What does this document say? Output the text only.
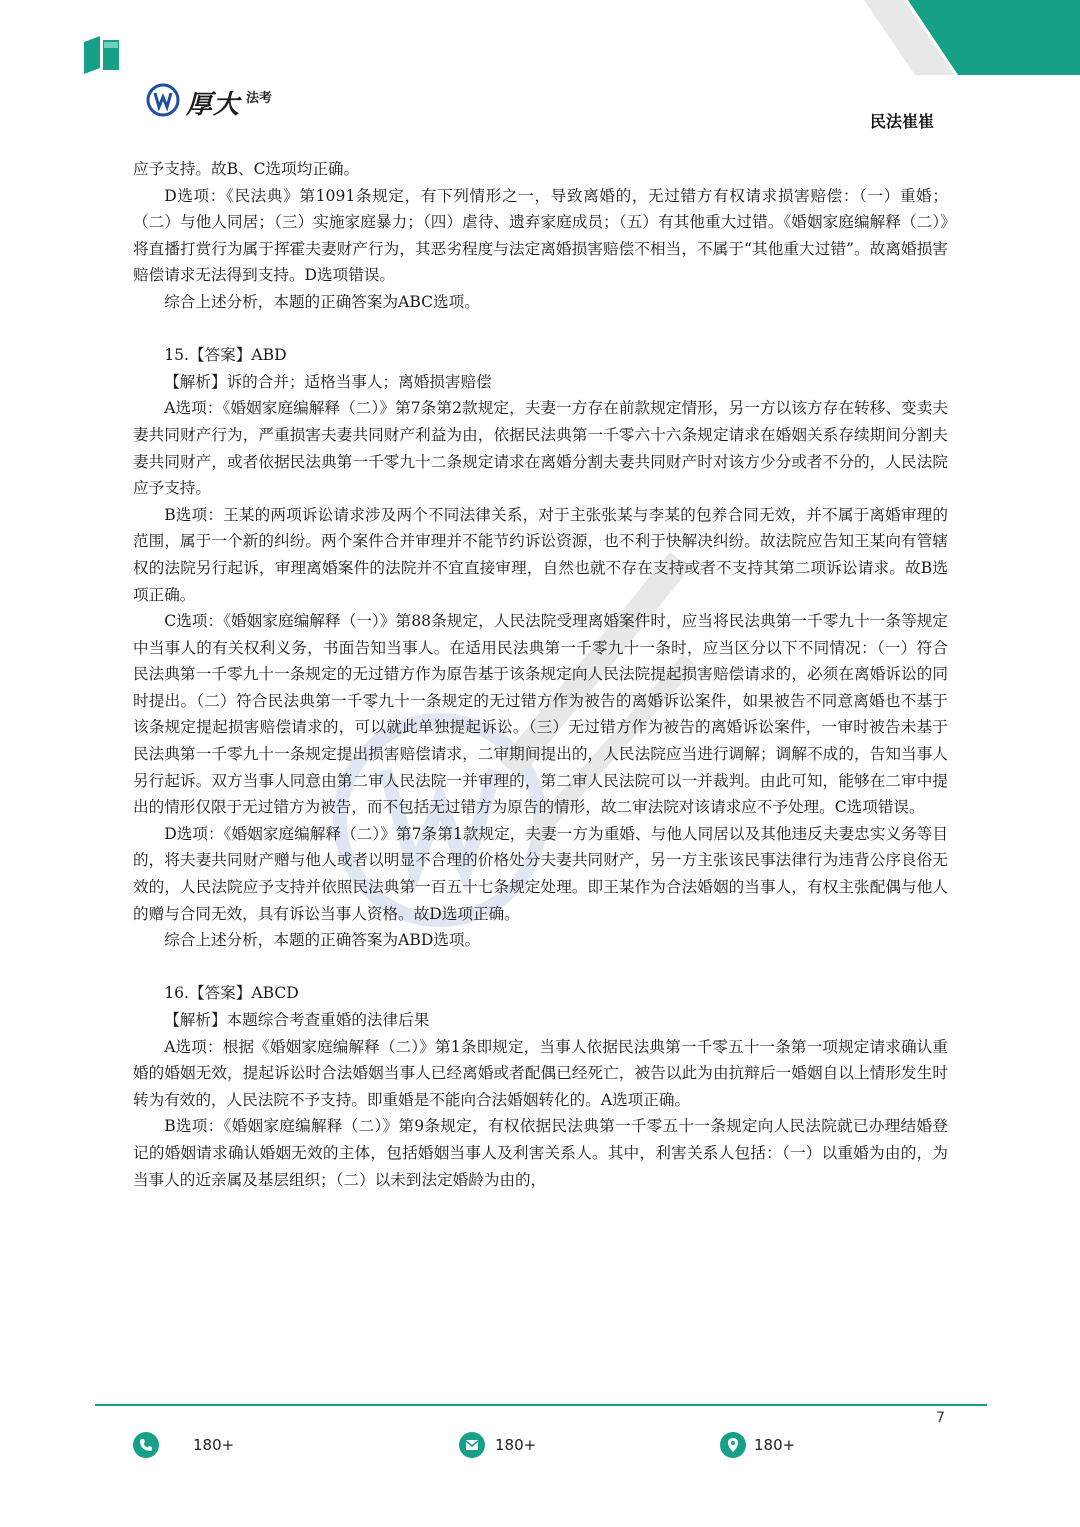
厚大 法考
民法崔崔

应予支持。故B、C选项均正确。

D选项：《民法典》第1091条规定，有下列情形之一，导致离婚的，无过错方有权请求损害赔偿：（一）重婚；（二）与他人同居；（三）实施家庭暴力；（四）虐待、遗弃家庭成员；（五）有其他重大过错。《婚姻家庭编解释（二）》将直播打赏行为属于挥霍夫妻财产行为，其恶劣程度与法定离婚损害赔偿不相当，不属于“其他重大过错”。故离婚损害赔偿请求无法得到支持。D选项错误。

综合上述分析，本题的正确答案为ABC选项。

15.【答案】ABD

【解析】诉的合并；适格当事人；离婚损害赔偿

A选项：《婚姻家庭编解释（二）》第7条第2款规定，夫妻一方存在前款规定情形，另一方以该方存在转移、变卖夫妻共同财产行为，严重损害夫妻共同财产利益为由，依据民法典第一千零六十六条规定请求在婚姻关系存续期间分割夫妻共同财产，或者依据民法典第一千零九十二条规定请求在离婚分割夫妻共同财产时对该方少分或者不分的，人民法院应予支持。

B选项：王某的两项诉讼请求涉及两个不同法律关系，对于主张张某与李某的包养合同无效，并不属于离婚审理的范围，属于一个新的纠纷。两个案件合并审理并不能节约诉讼资源，也不利于快解决纠纷。故法院应告知王某向有管辖权的法院另行起诉，审理离婚案件的法院并不宜直接审理，自然也就不存在支持或者不支持其第二项诉讼请求。故B选项正确。

C选项：《婚姻家庭编解释（一）》第88条规定，人民法院受理离婚案件时，应当将民法典第一千零九十一条等规定中当事人的有关权利义务，书面告知当事人。在适用民法典第一千零九十一条时，应当区分以下不同情况：（一）符合民法典第一千零九十一条规定的无过错方作为原告基于该条规定向人民法院提起损害赔偿请求的，必须在离婚诉讼的同时提出。（二）符合民法典第一千零九十一条规定的无过错方作为被告的离婚诉讼案件，如果被告不同意离婚也不基于该条规定提起损害赔偿请求的，可以就此单独提起诉讼。（三）无过错方作为被告的离婚诉讼案件，一审时被告未基于民法典第一千零九十一条规定提出损害赔偿请求，二审期间提出的，人民法院应当进行调解；调解不成的，告知当事人另行起诉。双方当事人同意由第二审人民法院一并审理的，第二审人民法院可以一并裁判。由此可知，能够在二审中提出的情形仅限于无过错方为被告，而不包括无过错方为原告的情形，故二审法院对该请求应不予处理。C选项错误。

D选项：《婚姻家庭编解释（二）》第7条第1款规定，夫妻一方为重婚、与他人同居以及其他违反夫妻忠实义务等目的，将夫妻共同财产赠与他人或者以明显不合理的价格处分夫妻共同财产，另一方主张该民事法律行为违背公序良俗无效的，人民法院应予支持并依照民法典第一百五十七条规定处理。即王某作为合法婚姻的当事人，有权主张配偶与他人的赠与合同无效，具有诉讼当事人资格。故D选项正确。

综合上述分析，本题的正确答案为ABD选项。

16.【答案】ABCD

【解析】本题综合考查重婚的法律后果

A选项：根据《婚姻家庭编解释（二）》第1条即规定，当事人依据民法典第一千零五十一条第一项规定请求确认重婚的婚姻无效，提起诉讼时合法婚姻当事人已经离婚或者配偶已经死亡，被告以此为由抗辩后一婚姻自以上情形发生时转为有效的，人民法院不予支持。即重婚是不能向合法婚姻转化的。A选项正确。

B选项：《婚姻家庭编解释（二）》第9条规定，有权依据民法典第一千零五十一条规定向人民法院就已办理结婚登记的婚姻请求确认婚姻无效的主体，包括婚姻当事人及利害关系人。其中，利害关系人包括：（一）以重婚为由的，为当事人的近亲属及基层组织；（二）以未到法定婚龄为由的，

7
180+	180+	180+
